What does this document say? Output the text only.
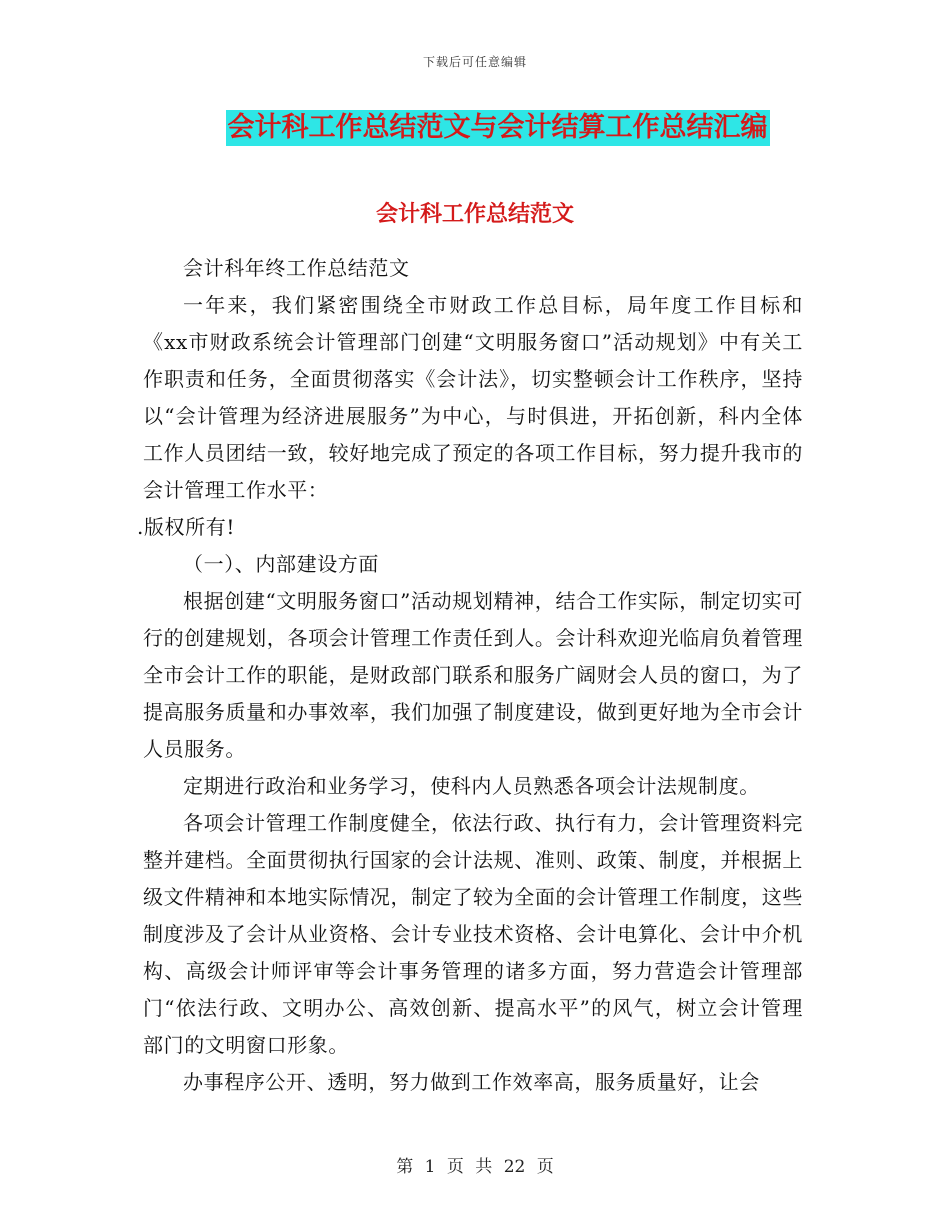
下载后可任意编辑
会计科工作总结范文与会计结算工作总结汇编
会计科工作总结范文

会计科年终工作总结范文

一年来，我们紧密围绕全市财政工作总目标，局年度工作目标和《xx市财政系统会计管理部门创建“文明服务窗口”活动规划》中有关工作职责和任务，全面贯彻落实《会计法》，切实整顿会计工作秩序，坚持以“会计管理为经济进展服务”为中心，与时俱进，开拓创新，科内全体工作人员团结一致，较好地完成了预定的各项工作目标，努力提升我市的会计管理工作水平：

.版权所有!

（一）、内部建设方面

根据创建“文明服务窗口”活动规划精神，结合工作实际，制定切实可行的创建规划，各项会计管理工作责任到人。会计科欢迎光临肩负着管理全市会计工作的职能，是财政部门联系和服务广阔财会人员的窗口，为了提高服务质量和办事效率，我们加强了制度建设，做到更好地为全市会计人员服务。

定期进行政治和业务学习，使科内人员熟悉各项会计法规制度。

各项会计管理工作制度健全，依法行政、执行有力，会计管理资料完整并建档。全面贯彻执行国家的会计法规、准则、政策、制度，并根据上级文件精神和本地实际情况，制定了较为全面的会计管理工作制度，这些制度涉及了会计从业资格、会计专业技术资格、会计电算化、会计中介机构、高级会计师评审等会计事务管理的诸多方面，努力营造会计管理部门“依法行政、文明办公、高效创新、提高水平”的风气，树立会计管理部门的文明窗口形象。

办事程序公开、透明，努力做到工作效率高，服务质量好，让会

第 1 页 共 22 页
